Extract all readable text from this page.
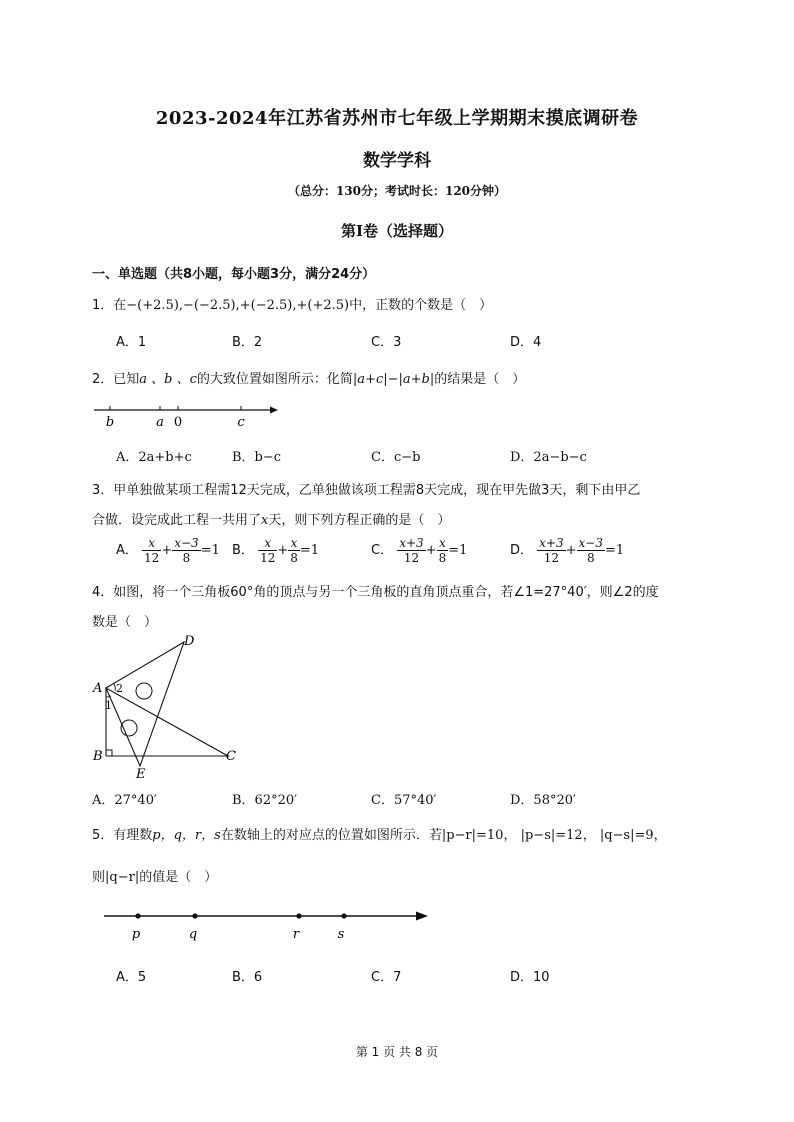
2023-2024年江苏省苏州市七年级上学期期末摸底调研卷
数学学科
（总分：130分；考试时长：120分钟）
第Ⅰ卷（选择题）
一、单选题（共8小题，每小题3分，满分24分）
1．在−(+2.5),−(−2.5),+(−2.5),+(+2.5)中，正数的个数是（　）
A．1	B．2	C．3	D．4
2．已知a 、b 、c的大致位置如图所示：化简|a+c|−|a+b|的结果是（　）
b	a 0	c
A．2a+b+c	B．b−c	C．c−b	D．2a−b−c
3．甲单独做某项工程需12天完成，乙单独做该项工程需8天完成，现在甲先做3天，剩下由甲乙
合做．设完成此工程一共用了x天，则下列方程正确的是（　）
A． $\frac{x}{12} + \frac{x-3}{8} =1$ B． $\frac{x}{12} + \frac{x}{8} =1$	C． $\frac{x+3}{12} + \frac{x}{8} =1$	D． $\frac{x+3}{12} + \frac{x-3}{8} =1$
4．如图，将一个三角板60°角的顶点与另一个三角板的直角顶点重合，若∠1=27°40′，则∠2的度
数是（　）
D
A 2
1
B
E
C
A．27°40′	B．62°20′	C．57°40′	D．58°20′
5．有理数p，q，r，s在数轴上的对应点的位置如图所示．若|p−r|=10， |p−s|=12， |q−s|=9，
则|q−r|的值是（　）
p	q	r	s
A．5	B．6	C．7	D．10
第 1 页 共 8 页
